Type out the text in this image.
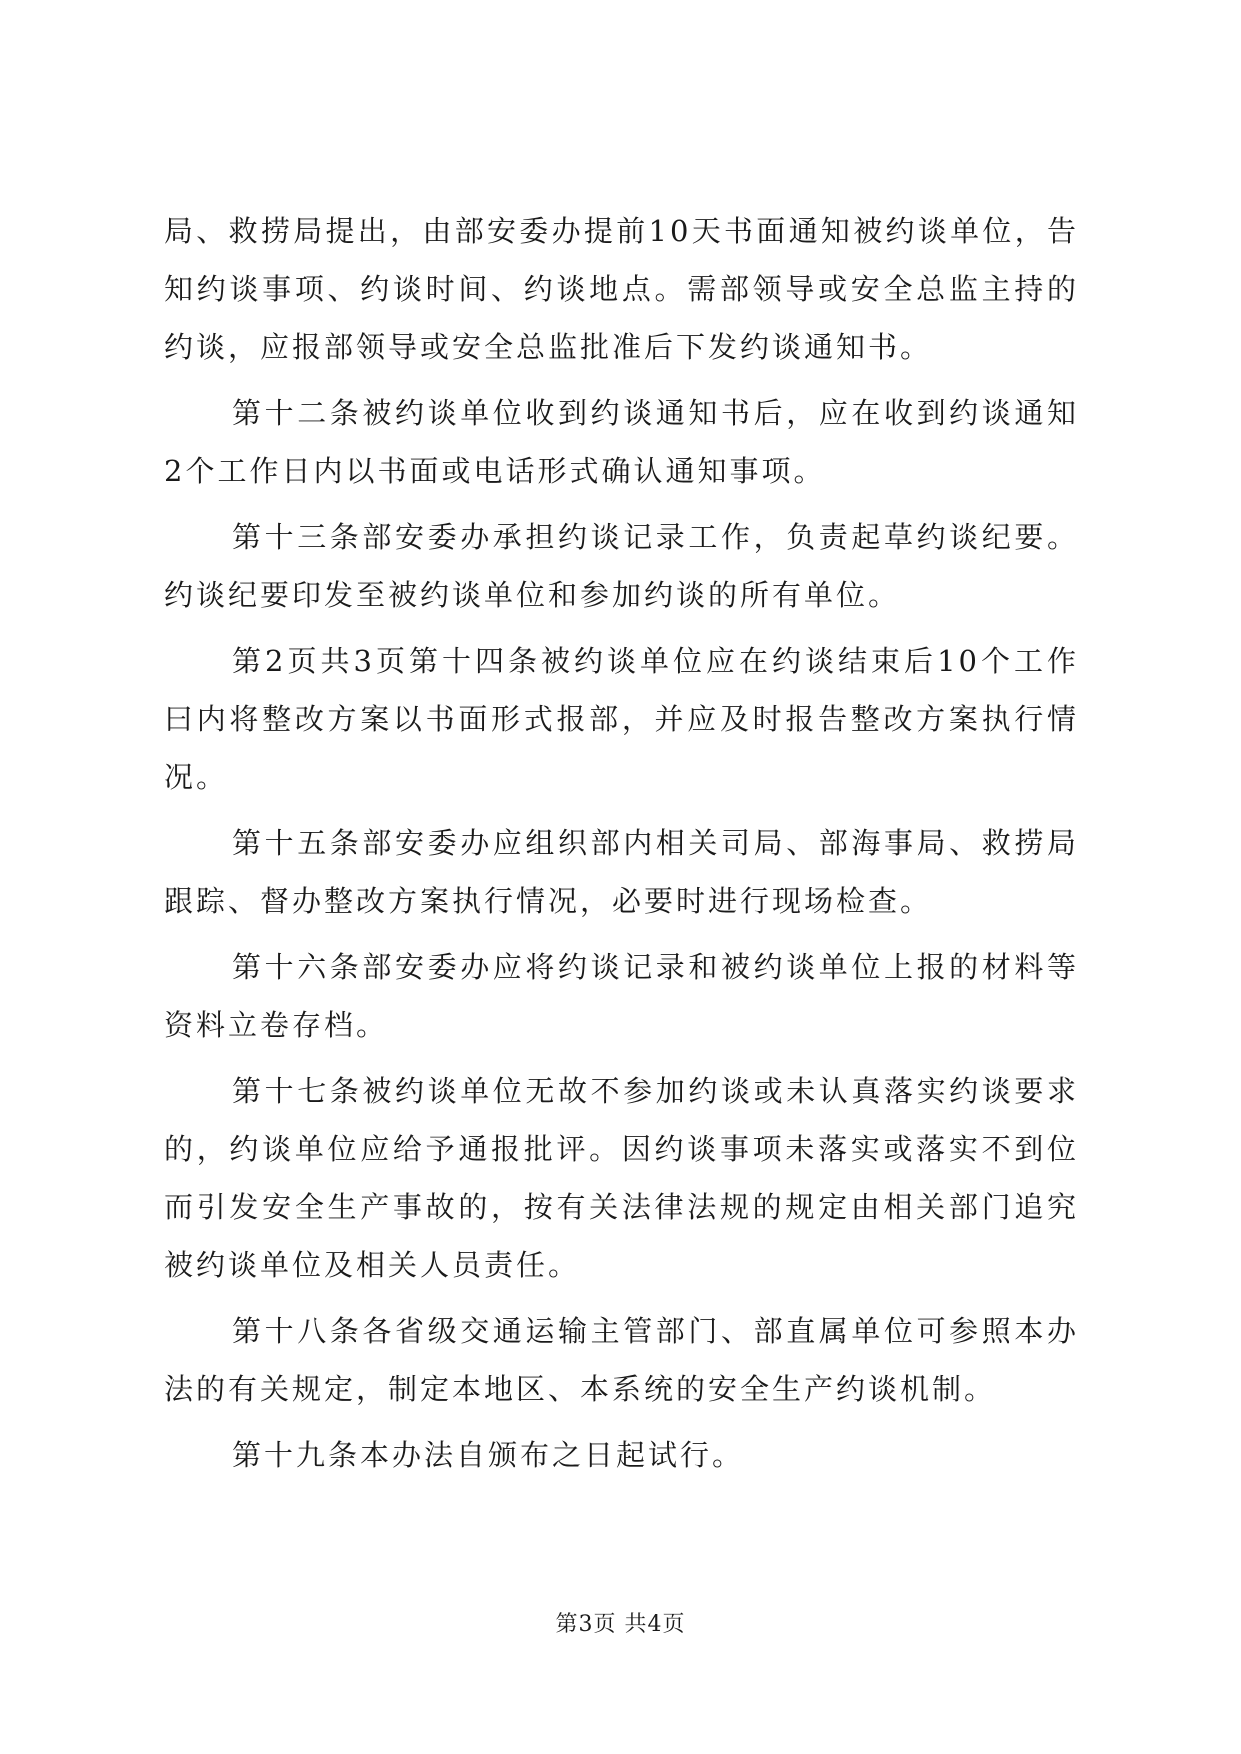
局、救捞局提出，由部安委办提前10天书面通知被约谈单位，告知约谈事项、约谈时间、约谈地点。需部领导或安全总监主持的约谈，应报部领导或安全总监批准后下发约谈通知书。

第十二条被约谈单位收到约谈通知书后，应在收到约谈通知2个工作日内以书面或电话形式确认通知事项。

第十三条部安委办承担约谈记录工作，负责起草约谈纪要。约谈纪要印发至被约谈单位和参加约谈的所有单位。

第2页共3页第十四条被约谈单位应在约谈结束后10个工作曰内将整改方案以书面形式报部，并应及时报告整改方案执行情况。

第十五条部安委办应组织部内相关司局、部海事局、救捞局跟踪、督办整改方案执行情况，必要时进行现场检查。

第十六条部安委办应将约谈记录和被约谈单位上报的材料等资料立卷存档。

第十七条被约谈单位无故不参加约谈或未认真落实约谈要求的，约谈单位应给予通报批评。因约谈事项未落实或落实不到位而引发安全生产事故的，按有关法律法规的规定由相关部门追究被约谈单位及相关人员责任。

第十八条各省级交通运输主管部门、部直属单位可参照本办法的有关规定，制定本地区、本系统的安全生产约谈机制。

第十九条本办法自颁布之日起试行。

第3页 共4页
